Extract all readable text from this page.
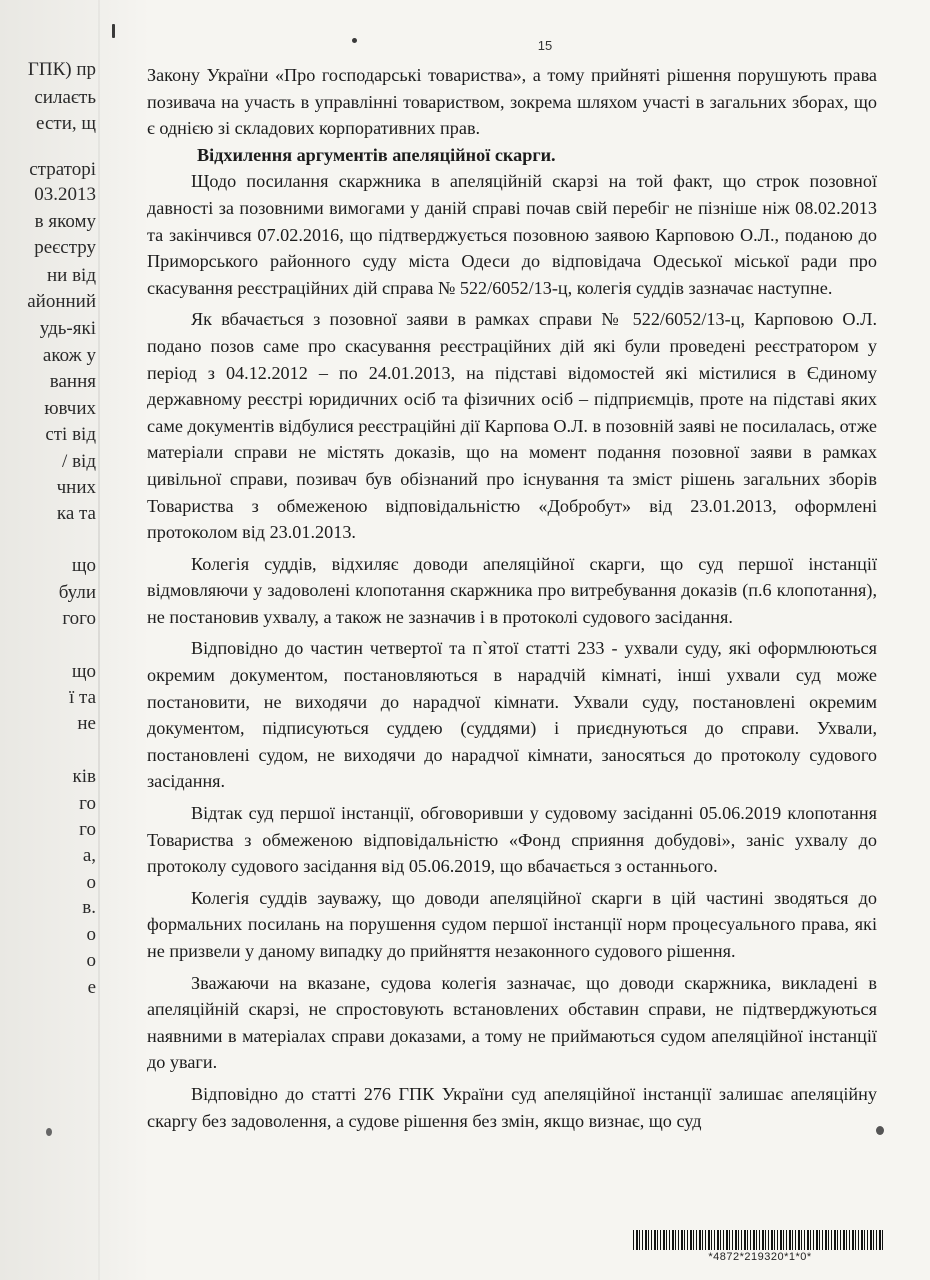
ГПК) пр
силаєть
ести, щ
страторі
03.2013
в якому
реєстру
ни від
айонний
удь-які
акож у
вання
ювчих
сті від
/ від
чних
ка та
що
були
гого
що
ї та
не
ків
го
го
а,
о
в.
о
о
е
15

Закону України «Про господарські товариства», а тому прийняті рішення порушують права позивача на участь в управлінні товариством, зокрема шляхом участі в загальних зборах, що є однією зі складових корпоративних прав.

Відхилення аргументів апеляційної скарги.

Щодо посилання скаржника в апеляційній скарзі на той факт, що строк позовної давності за позовними вимогами у даній справі почав свій перебіг не пізніше ніж 08.02.2013 та закінчився 07.02.2016, що підтверджується позовною заявою Карповою О.Л., поданою до Приморського районного суду міста Одеси до відповідача Одеської міської ради про скасування реєстраційних дій справа № 522/6052/13-ц, колегія суддів зазначає наступне.

Як вбачається з позовної заяви в рамках справи № 522/6052/13-ц, Карповою О.Л. подано позов саме про скасування реєстраційних дій які були проведені реєстратором у період з 04.12.2012 – по 24.01.2013, на підставі відомостей які містилися в Єдиному державному реєстрі юридичних осіб та фізичних осіб – підприємців, проте на підставі яких саме документів відбулися реєстраційні дії Карпова О.Л. в позовній заяві не посилалась, отже матеріали справи не містять доказів, що на момент подання позовної заяви в рамках цивільної справи, позивач був обізнаний про існування та зміст рішень загальних зборів Товариства з обмеженою відповідальністю «Добробут» від 23.01.2013, оформлені протоколом від 23.01.2013.

Колегія суддів, відхиляє доводи апеляційної скарги, що суд першої інстанції відмовляючи у задоволені клопотання скаржника про витребування доказів (п.6 клопотання), не постановив ухвалу, а також не зазначив і в протоколі судового засідання.

Відповідно до частин четвертої та п`ятої статті 233 - ухвали суду, які оформлюються окремим документом, постановляються в нарадчій кімнаті, інші ухвали суд може постановити, не виходячи до нарадчої кімнати. Ухвали суду, постановлені окремим документом, підписуються суддею (суддями) і приєднуються до справи. Ухвали, постановлені судом, не виходячи до нарадчої кімнати, заносяться до протоколу судового засідання.

Відтак суд першої інстанції, обговоривши у судовому засіданні 05.06.2019 клопотання Товариства з обмеженою відповідальністю «Фонд сприяння добудові», заніс ухвалу до протоколу судового засідання від 05.06.2019, що вбачається з останнього.

Колегія суддів зауважу, що доводи апеляційної скарги в цій частині зводяться до формальних посилань на порушення судом першої інстанції норм процесуального права, які не призвели у даному випадку до прийняття незаконного судового рішення.

Зважаючи на вказане, судова колегія зазначає, що доводи скаржника, викладені в апеляційній скарзі, не спростовують встановлених обставин справи, не підтверджуються наявними в матеріалах справи доказами, а тому не приймаються судом апеляційної інстанції до уваги.

Відповідно до статті 276 ГПК України суд апеляційної інстанції залишає апеляційну скаргу без задоволення, а судове рішення без змін, якщо визнає, що суд

*4872*219320*1*0*
